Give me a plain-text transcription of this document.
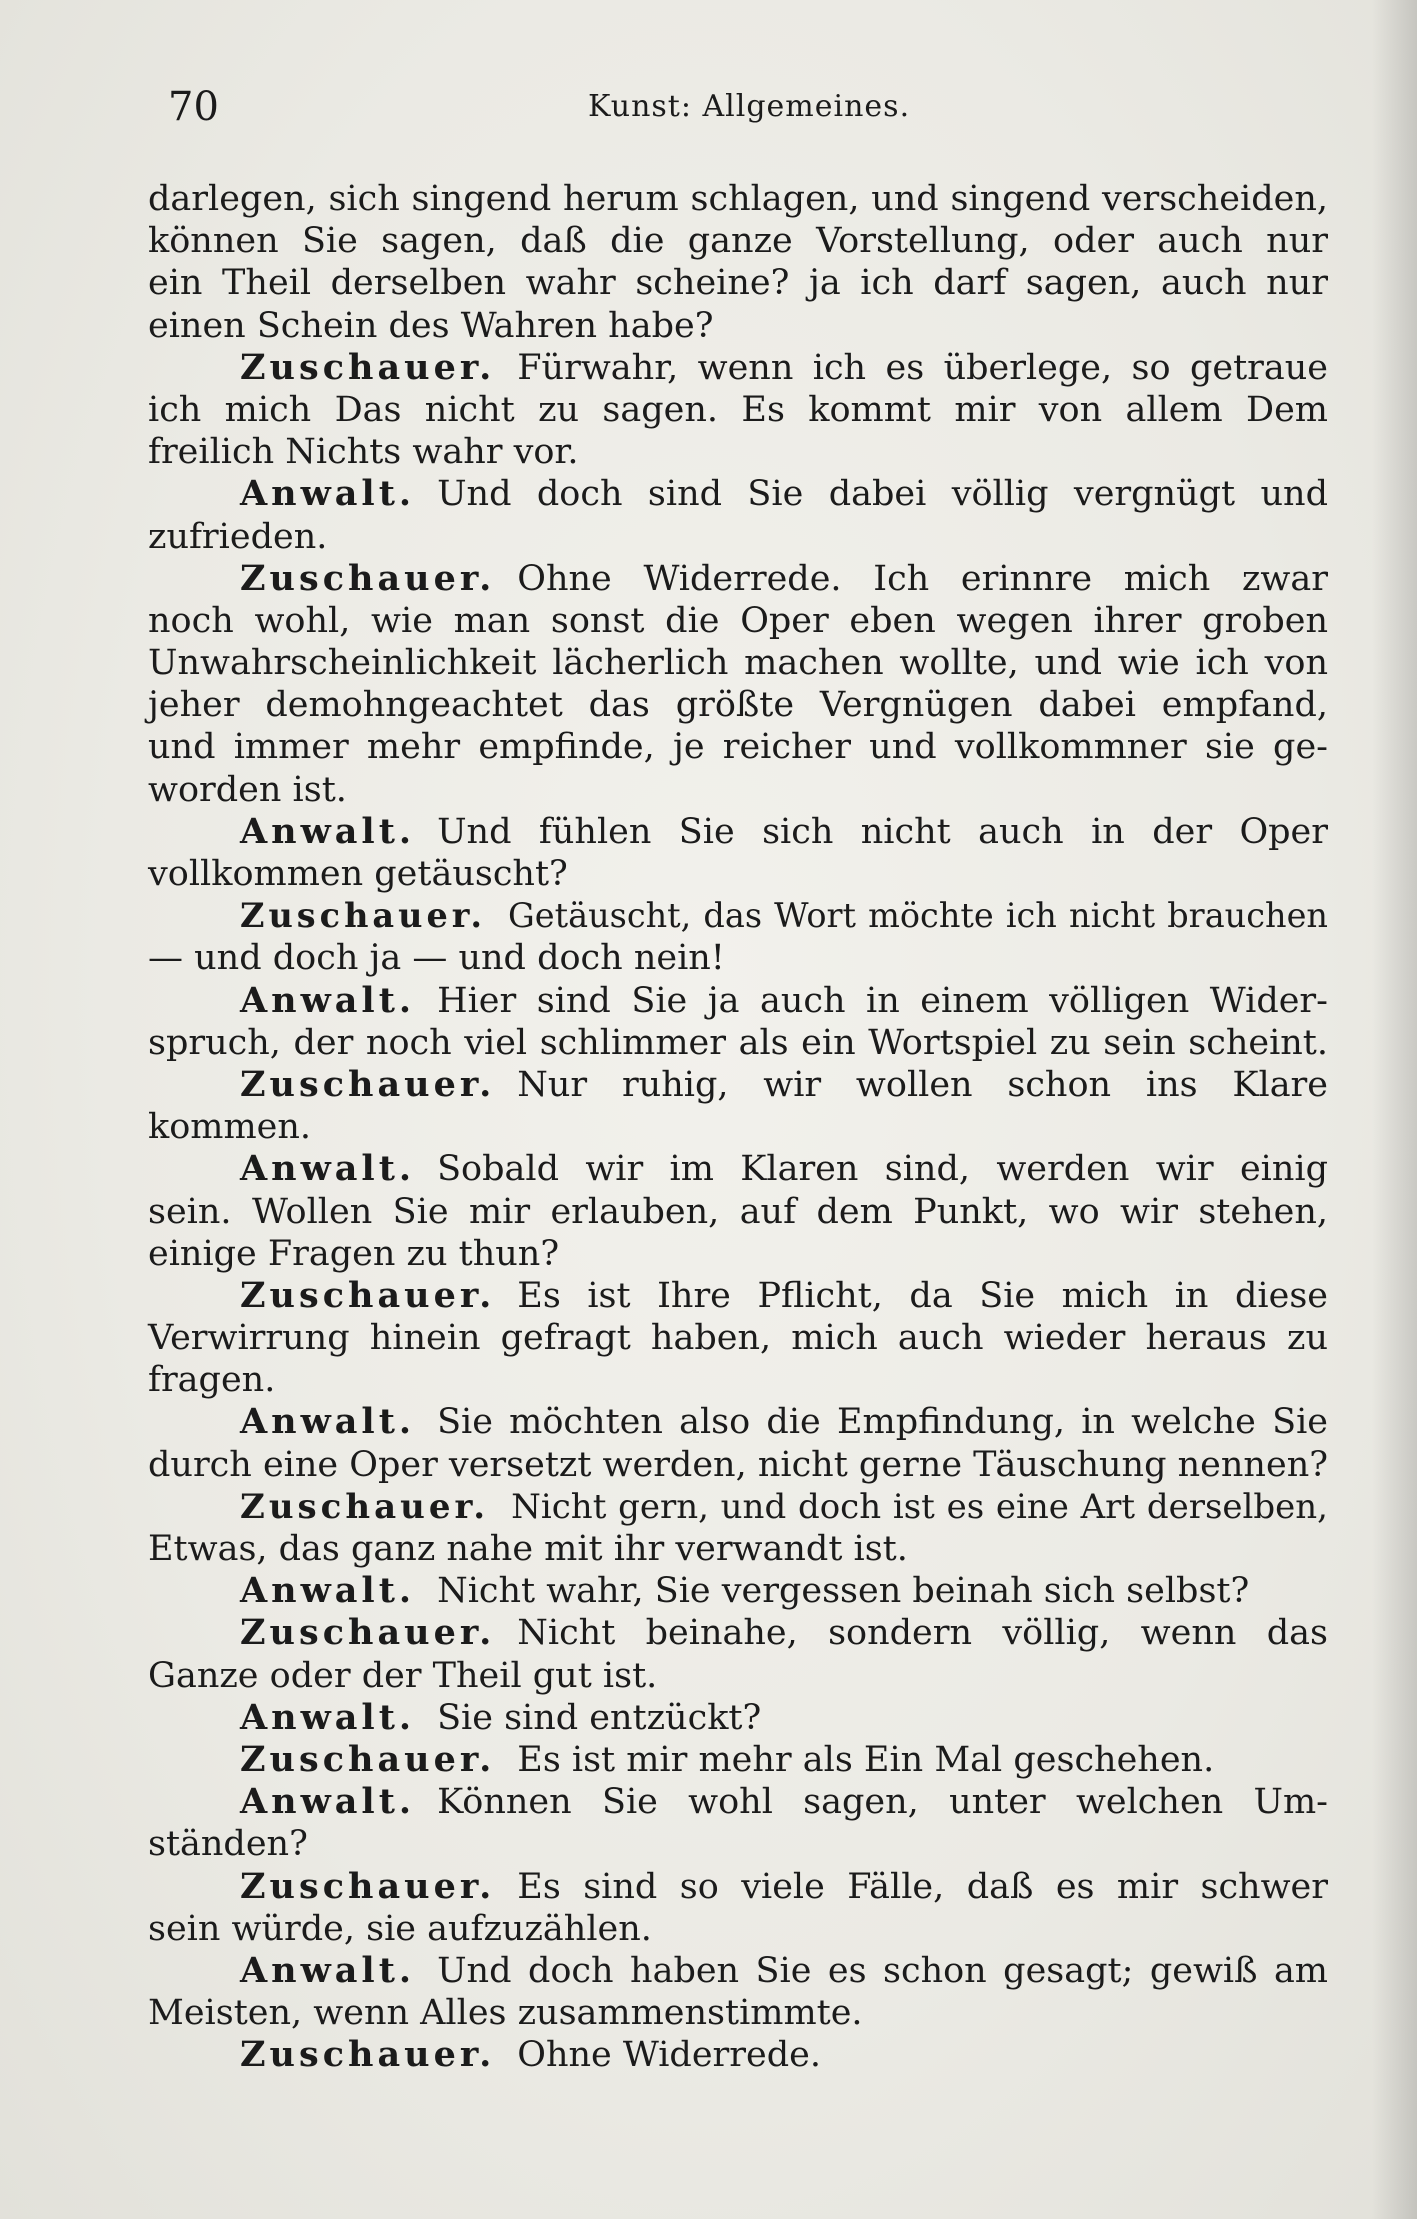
70	Kunst: Allgemeines.
darlegen, sich singend herum schlagen, und singend verscheiden,
können Sie sagen, daß die ganze Vorstellung, oder auch nur
ein Theil derselben wahr scheine? ja ich darf sagen, auch nur
einen Schein des Wahren habe?
Zuschauer. Fürwahr, wenn ich es überlege, so getraue
ich mich Das nicht zu sagen. Es kommt mir von allem Dem
freilich Nichts wahr vor.
Anwalt. Und doch sind Sie dabei völlig vergnügt und
zufrieden.
Zuschauer. Ohne Widerrede. Ich erinnre mich zwar
noch wohl, wie man sonst die Oper eben wegen ihrer groben
Unwahrscheinlichkeit lächerlich machen wollte, und wie ich von
jeher demohngeachtet das größte Vergnügen dabei empfand,
und immer mehr empfinde, je reicher und vollkommner sie ge-
worden ist.
Anwalt. Und fühlen Sie sich nicht auch in der Oper
vollkommen getäuscht?
Zuschauer. Getäuscht, das Wort möchte ich nicht brauchen
— und doch ja — und doch nein!
Anwalt. Hier sind Sie ja auch in einem völligen Wider-
spruch, der noch viel schlimmer als ein Wortspiel zu sein scheint.
Zuschauer. Nur ruhig, wir wollen schon ins Klare
kommen.
Anwalt. Sobald wir im Klaren sind, werden wir einig
sein. Wollen Sie mir erlauben, auf dem Punkt, wo wir stehen,
einige Fragen zu thun?
Zuschauer. Es ist Ihre Pflicht, da Sie mich in diese
Verwirrung hinein gefragt haben, mich auch wieder heraus zu
fragen.
Anwalt. Sie möchten also die Empfindung, in welche Sie
durch eine Oper versetzt werden, nicht gerne Täuschung nennen?
Zuschauer. Nicht gern, und doch ist es eine Art derselben,
Etwas, das ganz nahe mit ihr verwandt ist.
Anwalt. Nicht wahr, Sie vergessen beinah sich selbst?
Zuschauer. Nicht beinahe, sondern völlig, wenn das
Ganze oder der Theil gut ist.
Anwalt. Sie sind entzückt?
Zuschauer. Es ist mir mehr als Ein Mal geschehen.
Anwalt. Können Sie wohl sagen, unter welchen Um-
ständen?
Zuschauer. Es sind so viele Fälle, daß es mir schwer
sein würde, sie aufzuzählen.
Anwalt. Und doch haben Sie es schon gesagt; gewiß am
Meisten, wenn Alles zusammenstimmte.
Zuschauer. Ohne Widerrede.
